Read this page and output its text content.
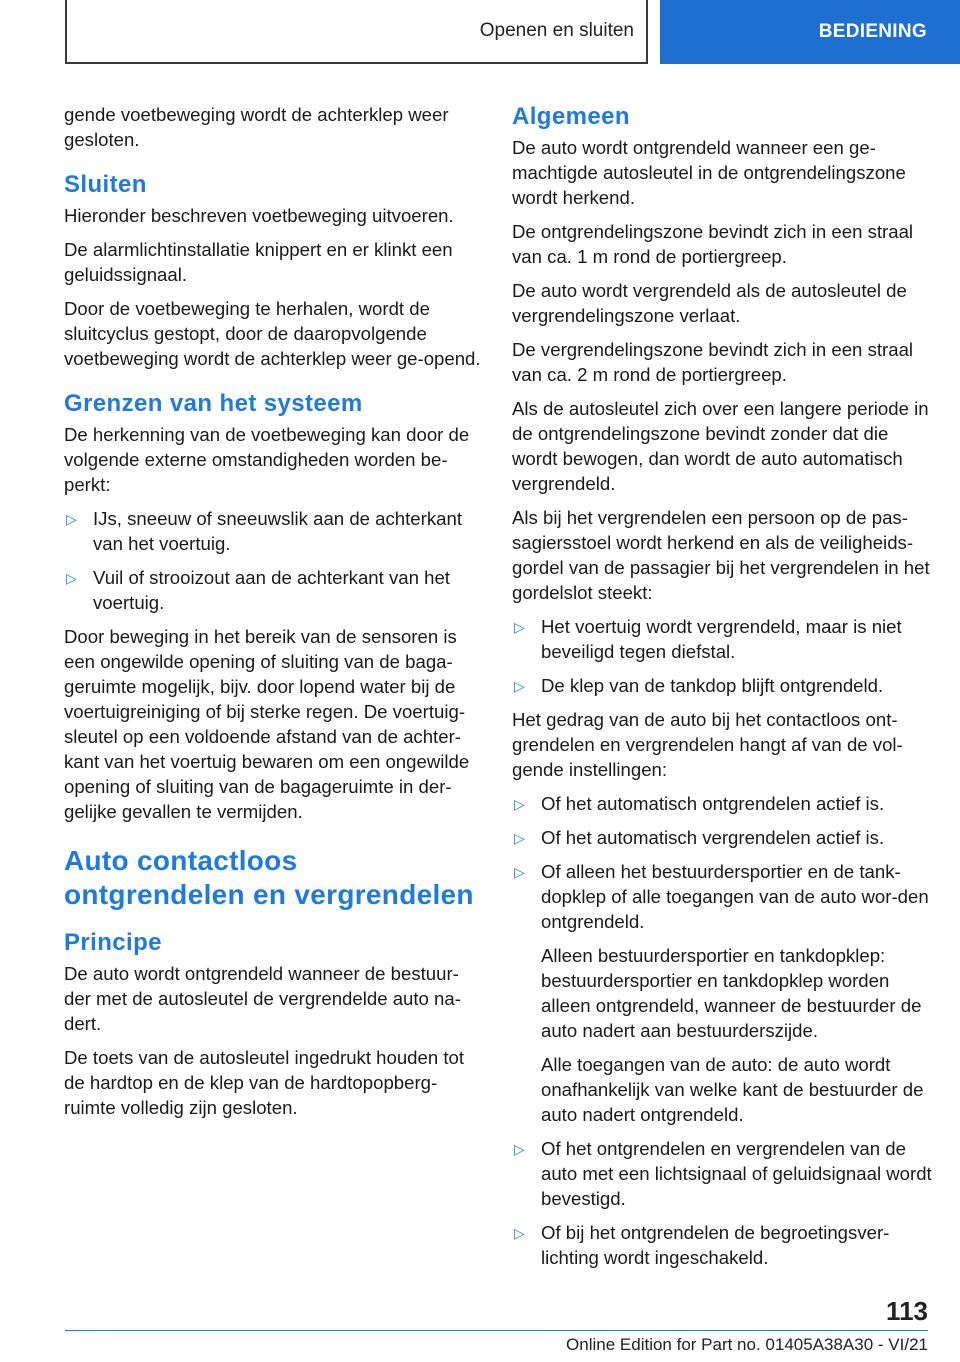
Openen en sluiten	BEDIENING

gende voetbeweging wordt de achterklep weer gesloten.

Sluiten

Hieronder beschreven voetbeweging uitvoeren.

De alarmlichtinstallatie knippert en er klinkt een geluidssignaal.

Door de voetbeweging te herhalen, wordt de sluitcyclus gestopt, door de daaropvolgende voetbeweging wordt de achterklep weer ge‐opend.

Grenzen van het systeem

De herkenning van de voetbeweging kan door de volgende externe omstandigheden worden be‐perkt:

▷ IJs, sneeuw of sneeuwslik aan de achterkant van het voertuig.
▷ Vuil of strooizout aan de achterkant van het voertuig.

Door beweging in het bereik van de sensoren is een ongewilde opening of sluiting van de baga‐geruimte mogelijk, bijv. door lopend water bij de voertuigreiniging of bij sterke regen. De voertuig‐sleutel op een voldoende afstand van de achter‐kant van het voertuig bewaren om een ongewilde opening of sluiting van de bagageruimte in der‐gelijke gevallen te vermijden.

Auto contactloos ontgrendelen en vergrendelen
Principe

De auto wordt ontgrendeld wanneer de bestuur‐der met de autosleutel de vergrendelde auto na‐dert.

De toets van de autosleutel ingedrukt houden tot de hardtop en de klep van de hardtopopberg‐ruimte volledig zijn gesloten.

Algemeen

De auto wordt ontgrendeld wanneer een ge‐machtigde autosleutel in de ontgrendelingszone wordt herkend.

De ontgrendelingszone bevindt zich in een straal van ca. 1 m rond de portiergreep.

De auto wordt vergrendeld als de autosleutel de vergrendelingszone verlaat.

De vergrendelingszone bevindt zich in een straal van ca. 2 m rond de portiergreep.

Als de autosleutel zich over een langere periode in de ontgrendelingszone bevindt zonder dat die wordt bewogen, dan wordt de auto automatisch vergrendeld.

Als bij het vergrendelen een persoon op de pas‐sagiersstoel wordt herkend en als de veiligheids‐gordel van de passagier bij het vergrendelen in het gordelslot steekt:

▷ Het voertuig wordt vergrendeld, maar is niet beveiligd tegen diefstal.
▷ De klep van de tankdop blijft ontgrendeld.

Het gedrag van de auto bij het contactloos ont‐grendelen en vergrendelen hangt af van de vol‐gende instellingen:

▷ Of het automatisch ontgrendelen actief is.
▷ Of het automatisch vergrendelen actief is.
▷ Of alleen het bestuurdersportier en de tank‐dopklep of alle toegangen van de auto wor‐den ontgrendeld.

Alleen bestuurdersportier en tankdopklep: bestuurdersportier en tankdopklep worden alleen ontgrendeld, wanneer de bestuurder de auto nadert aan bestuurderszijde.

Alle toegangen van de auto: de auto wordt onafhankelijk van welke kant de bestuurder de auto nadert ontgrendeld.

▷ Of het ontgrendelen en vergrendelen van de auto met een lichtsignaal of geluidsignaal wordt bevestigd.
▷ Of bij het ontgrendelen de begroetingsver‐lichting wordt ingeschakeld.
113
Online Edition for Part no. 01405A38A30 - VI/21
